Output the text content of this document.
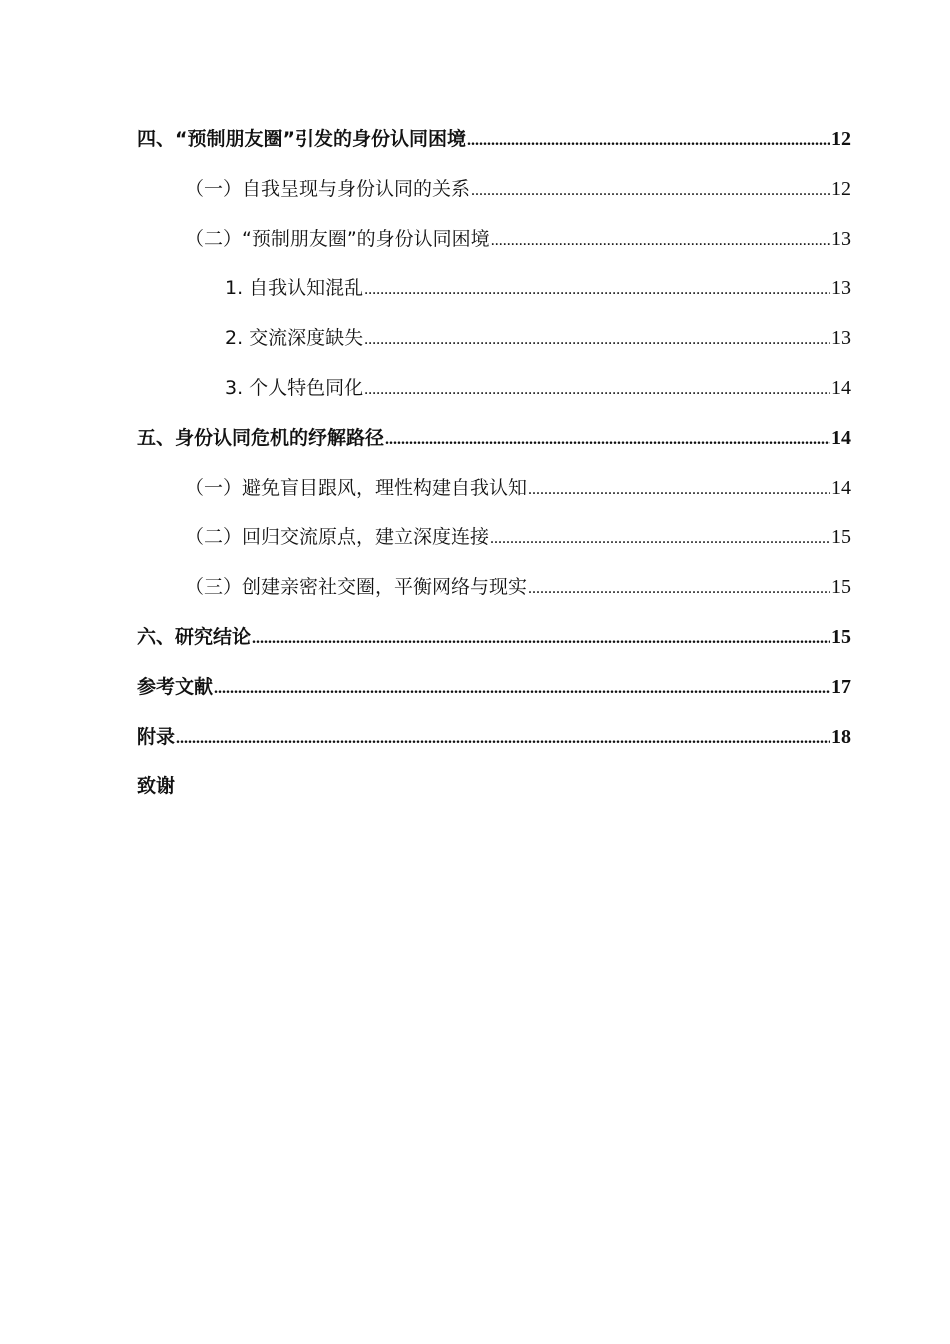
四、“预制朋友圈”引发的身份认同困境 .....	12
（一）自我呈现与身份认同的关系 .....	12
（二）“预制朋友圈”的身份认同困境 .....	13
1. 自我认知混乱 .....	13
2. 交流深度缺失 .....	13
3. 个人特色同化 .....	14
五、身份认同危机的纾解路径 .....	14
（一）避免盲目跟风，理性构建自我认知 .....	14
（二）回归交流原点，建立深度连接 .....	15
（三）创建亲密社交圈，平衡网络与现实 .....	15
六、研究结论 .....	15
参考文献 .....	17
附录 .....	18
致谢
